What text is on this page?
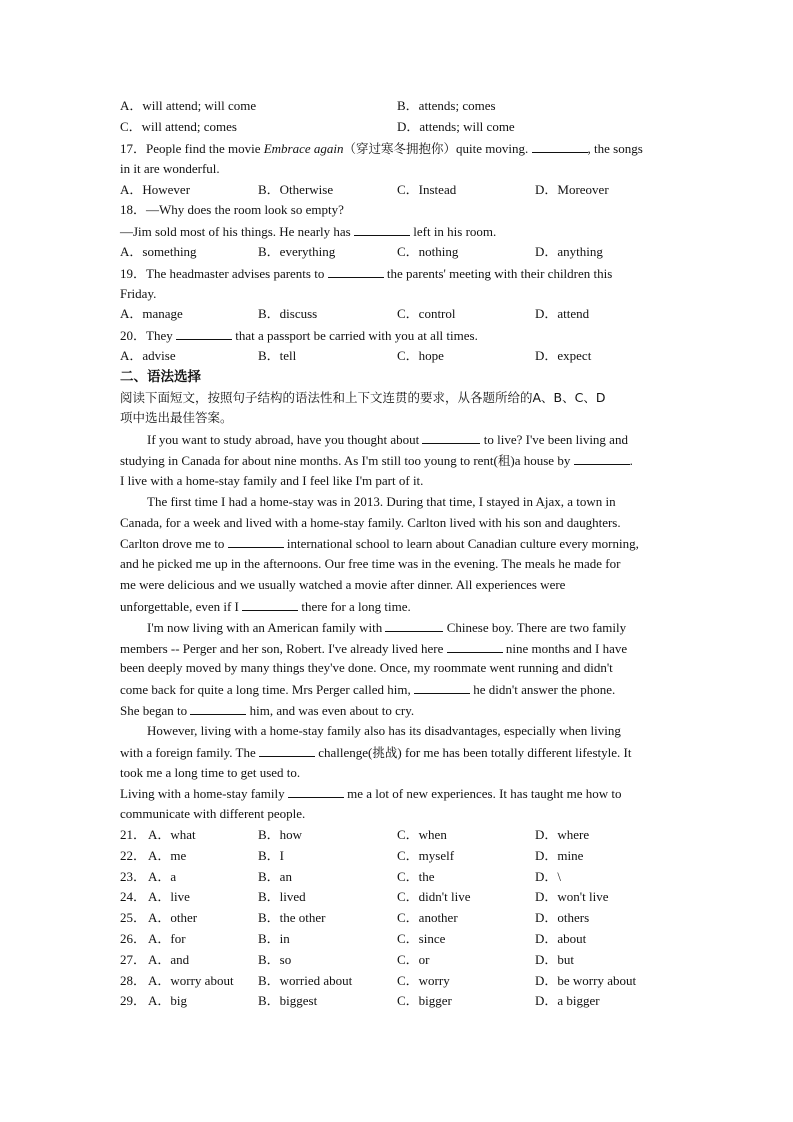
A．will attend; will come	B．attends; comes
C．will attend; comes	D．attends; will come
17．People find the movie Embrace again（穿过寒冬拥抱你）quite moving.	, the songs
in it are wonderful.
A．However	B．Otherwise	C．Instead	D．Moreover
18．—Why does the room look so empty?
—Jim sold most of his things. He nearly has	left in his room.
A．something	B．everything	C．nothing	D．anything
19．The headmaster advises parents to	the parents' meeting with their children this
Friday.
A．manage	B．discuss	C．control	D．attend
20．They	that a passport be carried with you at all times.
A．advise	B．tell	C．hope	D．expect
二、语法选择
阅读下面短文，按照句子结构的语法性和上下文连贯的要求，从各题所给的A、B、C、D
项中选出最佳答案。
If you want to study abroad, have you thought about	to live? I've been living and
studying in Canada for about nine months. As I'm still too young to rent(租)a house by	.
I live with a home-stay family and I feel like I'm part of it.
The first time I had a home-stay was in 2013. During that time, I stayed in Ajax, a town in
Canada, for a week and lived with a home-stay family. Carlton lived with his son and daughters.
Carlton drove me to	international school to learn about Canadian culture every morning,
and he picked me up in the afternoons. Our free time was in the evening. The meals he made for
me were delicious and we usually watched a movie after dinner. All experiences were
unforgettable, even if I	there for a long time.
I'm now living with an American family with	Chinese boy. There are two family
members -- Perger and her son, Robert. I've already lived here	nine months and I have
been deeply moved by many things they've done. Once, my roommate went running and didn't
come back for quite a long time. Mrs Perger called him,	he didn't answer the phone.
She began to	him, and was even about to cry.
However, living with a home-stay family also has its disadvantages, especially when living
with a foreign family. The	challenge(挑战) for me has been totally different lifestyle. It
took me a long time to get used to.
Living with a home-stay family	me a lot of new experiences. It has taught me how to
communicate with different people.
21． A．what	B．how	C．when	D．where
22． A．me	B．I	C．myself	D．mine
23． A．a	B．an	C．the	D．\
24． A．live	B．lived	C．didn't live	D．won't live
25． A．other	B．the other	C．another	D．others
26． A．for	B．in	C．since	D．about
27． A．and	B．so	C．or	D．but
28． A．worry about B．worried about	C．worry	D．be worry about
29． A．big	B．biggest	C．bigger	D．a bigger
